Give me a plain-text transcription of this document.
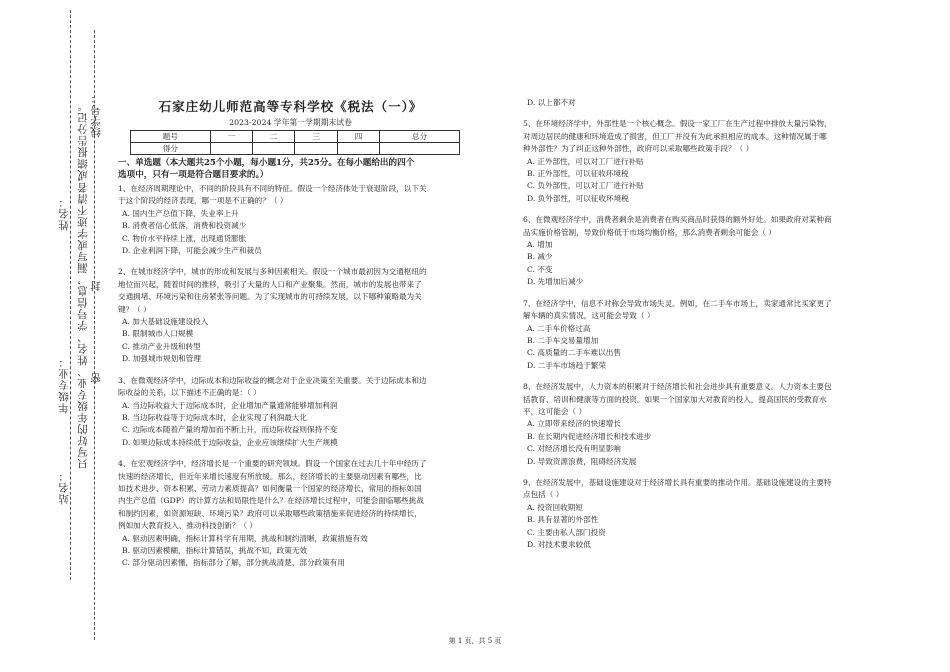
学号：
成绩报告分记。 线
姓名： 只写好的年级专业、姓名、学号信息，漏写或字迹不清者， 封
年级专业： 密
站名：
石家庄幼儿师范高等专科学校《税法（一）》
2023-2024 学年第一学期期末试卷
题号	一	二	三	四	总分
得分					
一、单选题（本大题共25个小题，每小题1分，共25分。在每小题给出的四个
选项中，只有一项是符合题目要求的。）

1、在经济周期理论中，不同的阶段具有不同的特征。假设一个经济体处于衰退阶段，以下关

于这个阶段的经济表现，哪一项是不正确的？（ ）

A. 国内生产总值下降，失业率上升

B. 消费者信心低落，消费和投资减少

C. 物价水平持续上涨，出现通货膨胀

D. 企业利润下降，可能会减少生产和裁员

2、在城市经济学中，城市的形成和发展与多种因素相关。假设一个城市最初因为交通枢纽的

地位而兴起，随着时间的推移，吸引了大量的人口和产业聚集。然而，城市的发展也带来了

交通拥堵、环境污染和住房紧张等问题。为了实现城市的可持续发展，以下哪种策略最为关

键？（ ）

A. 加大基础设施建设投入

B. 限制城市人口规模

C. 推动产业升级和转型

D. 加强城市规划和管理

3、在微观经济学中，边际成本和边际收益的概念对于企业决策至关重要。关于边际成本和边

际收益的关系，以下描述不正确的是：（ ）

A. 当边际收益大于边际成本时，企业增加产量通常能够增加利润

B. 当边际收益等于边际成本时，企业实现了利润最大化

C. 边际成本随着产量的增加而不断上升，而边际收益则保持不变

D. 如果边际成本持续低于边际收益，企业应该继续扩大生产规模

4、在宏观经济学中，经济增长是一个重要的研究领域。假设一个国家在过去几十年中经历了

快速的经济增长，但近年来增长速度有所放缓。那么，经济增长的主要驱动因素有哪些，比

如技术进步、资本积累、劳动力素质提高？如何衡量一个国家的经济增长，常用的指标如国

内生产总值（GDP）的计算方法和局限性是什么？在经济增长过程中，可能会面临哪些挑战

和制约因素，如资源短缺、环境污染？政府可以采取哪些政策措施来促进经济的持续增长，

例如加大教育投入、推动科技创新？（ ）

A. 驱动因素明确，指标计算科学有用期，挑战和制约清晰，政策措施有效

B. 驱动因素模糊，指标计算错误，挑战不知，政策无效

C. 部分驱动因素懂，指标部分了解，部分挑战清楚，部分政策有用

D. 以上都不对

5、在环境经济学中，外部性是一个核心概念。假设一家工厂在生产过程中排放大量污染物，

对周边居民的健康和环境造成了损害，但工厂并没有为此承担相应的成本。这种情况属于哪

种外部性？为了纠正这种外部性，政府可以采取哪些政策手段？（ ）

A. 正外部性，可以对工厂进行补贴

B. 正外部性，可以征收环境税

C. 负外部性，可以对工厂进行补贴

D. 负外部性，可以征收环境税

6、在微观经济学中，消费者剩余是消费者在购买商品时获得的额外好处。如果政府对某种商

品实施价格管制，导致价格低于市场均衡价格，那么消费者剩余可能会（ ）

A. 增加

B. 减少

C. 不变

D. 先增加后减少

7、在经济学中，信息不对称会导致市场失灵。例如，在二手车市场上，卖家通常比买家更了

解车辆的真实情况，这可能会导致（ ）

A. 二手车价格过高

B. 二手车交易量增加

C. 高质量的二手车难以出售

D. 二手车市场趋于繁荣

8、在经济发展中，人力资本的积累对于经济增长和社会进步具有重要意义。人力资本主要包

括教育、培训和健康等方面的投资。如果一个国家加大对教育的投入，提高国民的受教育水

平，这可能会（ ）

A. 立即带来经济的快速增长

B. 在长期内促进经济增长和技术进步

C. 对经济增长没有明显影响

D. 导致资源浪费，阻碍经济发展

9、在经济发展中，基础设施建设对于经济增长具有重要的推动作用。基础设施建设的主要特

点包括（ ）

A. 投资回收期短

B. 具有显著的外部性

C. 主要由私人部门投资

D. 对技术要求较低

第 1 页，共 5 页
